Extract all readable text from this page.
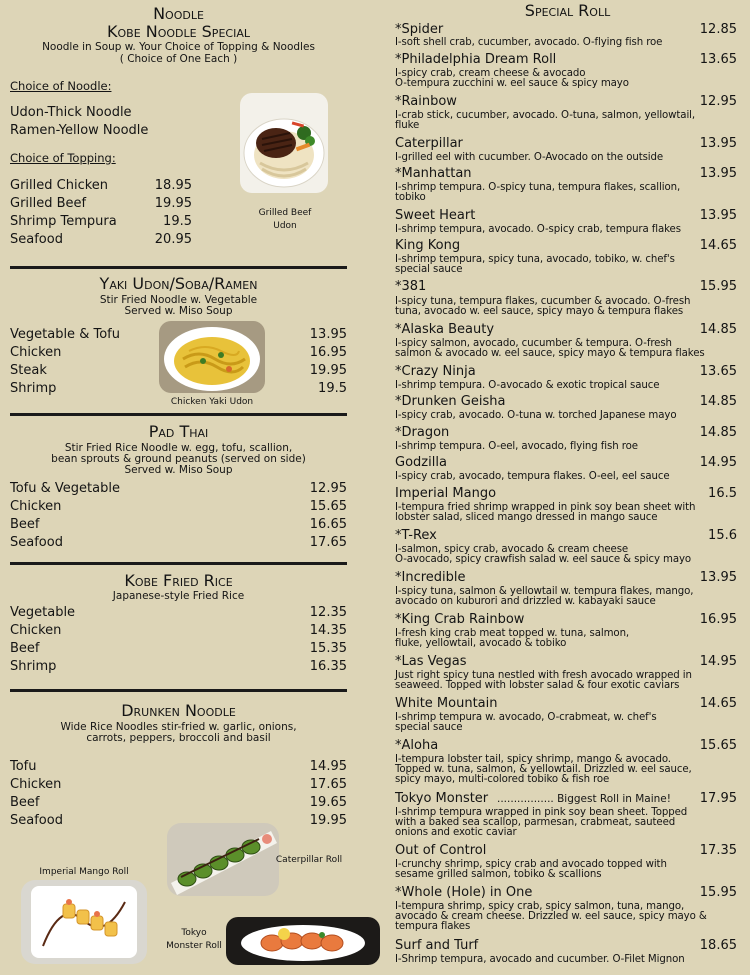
Noodle
Kobe Noodle Special
Noodle in Soup w. Your Choice of Topping & Noodles
( Choice of One Each )
Choice of Noodle:
Udon-Thick Noodle
Ramen-Yellow Noodle
Choice of Topping:
Grilled Chicken	18.95
Grilled Beef	19.95
Shrimp Tempura	19.5
Seafood	20.95
Grilled Beef
Udon
Yaki Udon/Soba/Ramen
Stir Fried Noodle w. Vegetable
Served w. Miso Soup
Vegetable & Tofu	13.95
Chicken	16.95
Steak	19.95
Shrimp	19.5
Chicken Yaki Udon
Pad Thai
Stir Fried Rice Noodle w. egg, tofu, scallion,
bean sprouts & ground peanuts (served on side)
Served w. Miso Soup
Tofu & Vegetable	12.95
Chicken	15.65
Beef	16.65
Seafood	17.65
Kobe Fried Rice
Japanese-style Fried Rice
Vegetable	12.35
Chicken	14.35
Beef	15.35
Shrimp	16.35
Drunken Noodle
Wide Rice Noodles stir-fried w. garlic, onions,
carrots, peppers, broccoli and basil
Tofu	14.95
Chicken	17.65
Beef	19.65
Seafood	19.95
Caterpillar Roll
Imperial Mango Roll
Tokyo
Monster Roll
Special Roll
*Spider	12.85
I-soft shell crab, cucumber, avocado. O-flying fish roe
*Philadelphia Dream Roll	13.65
I-spicy crab, cream cheese & avocado
O-tempura zucchini w. eel sauce & spicy mayo
*Rainbow	12.95
I-crab stick, cucumber, avocado. O-tuna, salmon, yellowtail,
fluke
Caterpillar	13.95
I-grilled eel with cucumber. O-Avocado on the outside
*Manhattan	13.95
I-shrimp tempura. O-spicy tuna, tempura flakes, scallion,
tobiko
Sweet Heart	13.95
I-shrimp tempura, avocado. O-spicy crab, tempura flakes
King Kong	14.65
I-shrimp tempura, spicy tuna, avocado, tobiko, w. chef's
special sauce
*381	15.95
I-spicy tuna, tempura flakes, cucumber & avocado. O-fresh
tuna, avocado w. eel sauce, spicy mayo & tempura flakes
*Alaska Beauty	14.85
I-spicy salmon, avocado, cucumber & tempura. O-fresh
salmon & avocado w. eel sauce, spicy mayo & tempura flakes
*Crazy Ninja	13.65
I-shrimp tempura. O-avocado & exotic tropical sauce
*Drunken Geisha	14.85
I-spicy crab, avocado. O-tuna w. torched Japanese mayo
*Dragon	14.85
I-shrimp tempura. O-eel, avocado, flying fish roe
Godzilla	14.95
I-spicy crab, avocado, tempura flakes. O-eel, eel sauce
Imperial Mango	16.5
I-tempura fried shrimp wrapped in pink soy bean sheet with
lobster salad, sliced mango dressed in mango sauce
*T-Rex	15.6
I-salmon, spicy crab, avocado & cream cheese
O-avocado, spicy crawfish salad w. eel sauce & spicy mayo
*Incredible	13.95
I-spicy tuna, salmon & yellowtail w. tempura flakes, mango,
avocado on kuburori and drizzled w. kabayaki sauce
*King Crab Rainbow	16.95
I-fresh king crab meat topped w. tuna, salmon,
fluke, yellowtail, avocado & tobiko
*Las Vegas	14.95
Just right spicy tuna nestled with fresh avocado wrapped in
seaweed. Topped with lobster salad & four exotic caviars
White Mountain	14.65
I-shrimp tempura w. avocado, O-crabmeat, w. chef's
special sauce
*Aloha	15.65
I-tempura lobster tail, spicy shrimp, mango & avocado.
Topped w. tuna, salmon, & yellowtail. Drizzled w. eel sauce,
spicy mayo, multi-colored tobiko & fish roe
Tokyo Monster ................. Biggest Roll in Maine! 17.95
I-shrimp tempura wrapped in pink soy bean sheet. Topped
with a baked sea scallop, parmesan, crabmeat, sauteed
onions and exotic caviar
Out of Control	17.35
I-crunchy shrimp, spicy crab and avocado topped with
sesame grilled salmon, tobiko & scallions
*Whole (Hole) in One	15.95
I-tempura shrimp, spicy crab, spicy salmon, tuna, mango,
avocado & cream cheese. Drizzled w. eel sauce, spicy mayo &
tempura flakes
Surf and Turf	18.65
I-Shrimp tempura, avocado and cucumber. O-Filet Mignon
